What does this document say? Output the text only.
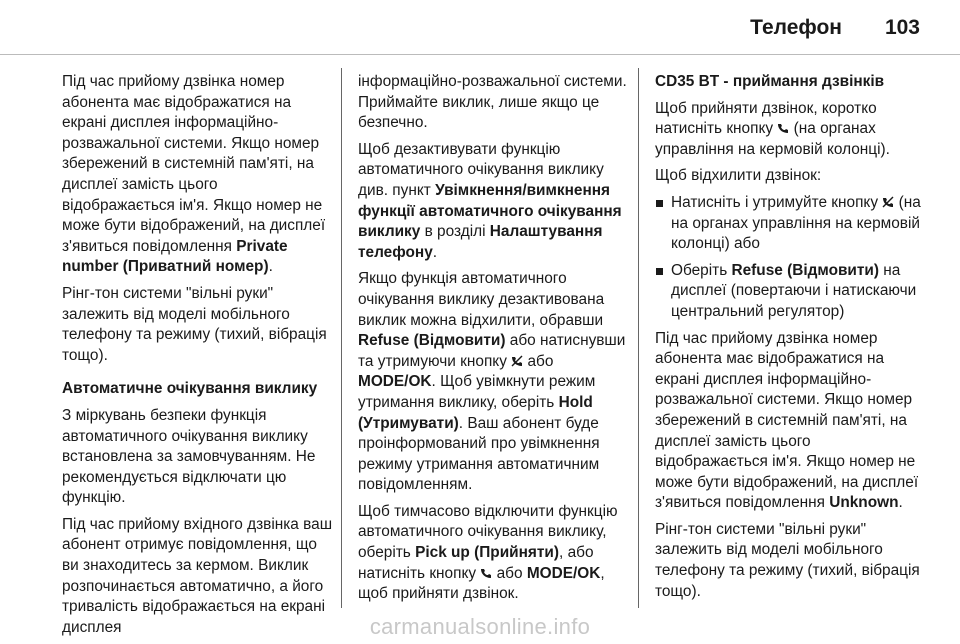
Телефон 103

Під час прийому дзвінка номер абонента має відображатися на екрані дисплея інформаційно-розважальної системи. Якщо номер збережений в системній пам'яті, на дисплеї замість цього відображається ім'я. Якщо номер не може бути відображений, на дисплеї з'явиться повідомлення Private number (Приватний номер).

Рінг-тон системи "вільні руки" залежить від моделі мобільного телефону та режиму (тихий, вібрація тощо).

Автоматичне очікування виклику

З міркувань безпеки функція автоматичного очікування виклику встановлена за замовчуванням. Не рекомендується відключати цю функцію.

Під час прийому вхідного дзвінка ваш абонент отримує повідомлення, що ви знаходитесь за кермом. Виклик розпочинається автоматично, а його тривалість відображається на екрані дисплея

інформаційно-розважальної системи. Приймайте виклик, лише якщо це безпечно.

Щоб дезактивувати функцію автоматичного очікування виклику див. пункт Увімкнення/вимкнення функції автоматичного очікування виклику в розділі Налаштування телефону.

Якщо функція автоматичного очікування виклику дезактивована виклик можна відхилити, обравши Refuse (Відмовити) або натиснувши та утримуючи кнопку
або MODE/OK. Щоб увімкнути режим утримання виклику, оберіть Hold (Утримувати). Ваш абонент буде проінформований про увімкнення режиму утримання автоматичним повідомленням.

Щоб тимчасово відключити функцію автоматичного очікування виклику, оберіть Pick up (Прийняти), або натисніть кнопку
або MODE/OK, щоб прийняти дзвінок.

CD35 BT - приймання дзвінків

Щоб прийняти дзвінок, коротко натисніть кнопку
(на органах управління на кермовій колонці).

Щоб відхилити дзвінок:

Натисніть і утримуйте кнопку
(на на органах управління на кермовій колонці) або
Оберіть Refuse (Відмовити) на дисплеї (повертаючи і натискаючи центральний регулятор)

Під час прийому дзвінка номер абонента має відображатися на екрані дисплея інформаційно-розважальної системи. Якщо номер збережений в системній пам'яті, на дисплеї замість цього відображається ім'я. Якщо номер не може бути відображений, на дисплеї з'явиться повідомлення Unknown.

Рінг-тон системи "вільні руки" залежить від моделі мобільного телефону та режиму (тихий, вібрація тощо).

carmanualsonline.info
